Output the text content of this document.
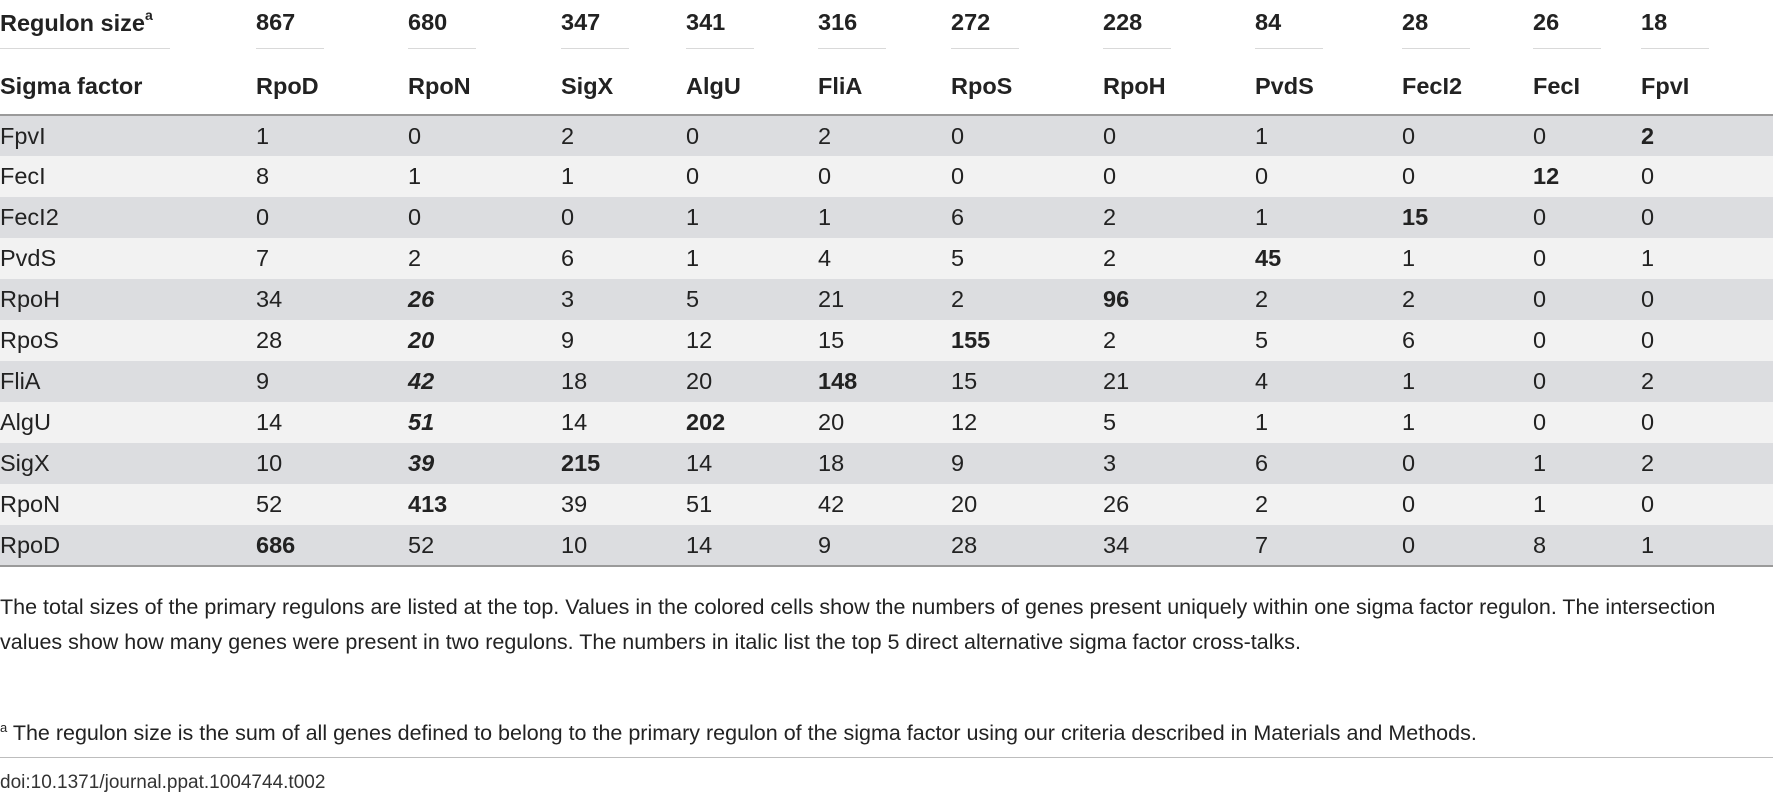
Regulon size$^a$	867	680	347	341	316	272	228	84	28	26	18
Sigma factor	RpoD	RpoN	SigX	AlgU	FliA	RpoS	RpoH	PvdS	FecI2	FecI	FpvI
FpvI	1	0	2	0	2	0	0	1	0	0	2
FecI	8	1	1	0	0	0	0	0	0	12	0
FecI2	0	0	0	1	1	6	2	1	15	0	0
PvdS	7	2	6	1	4	5	2	45	1	0	1
RpoH	34	26	3	5	21	2	96	2	2	0	0
RpoS	28	20	9	12	15	155	2	5	6	0	0
FliA	9	42	18	20	148	15	21	4	1	0	2
AlgU	14	51	14	202	20	12	5	1	1	0	0
SigX	10	39	215	14	18	9	3	6	0	1	2
RpoN	52	413	39	51	42	20	26	2	0	1	0
RpoD	686	52	10	14	9	28	34	7	0	8	1

The total sizes of the primary regulons are listed at the top. Values in the colored cells show the numbers of genes present uniquely within one sigma factor regulon. The intersection values show how many genes were present in two regulons. The numbers in italic list the top 5 direct alternative sigma factor cross-talks.

$^a$ The regulon size is the sum of all genes defined to belong to the primary regulon of the sigma factor using our criteria described in Materials and Methods.
doi:10.1371/journal.ppat.1004744.t002
